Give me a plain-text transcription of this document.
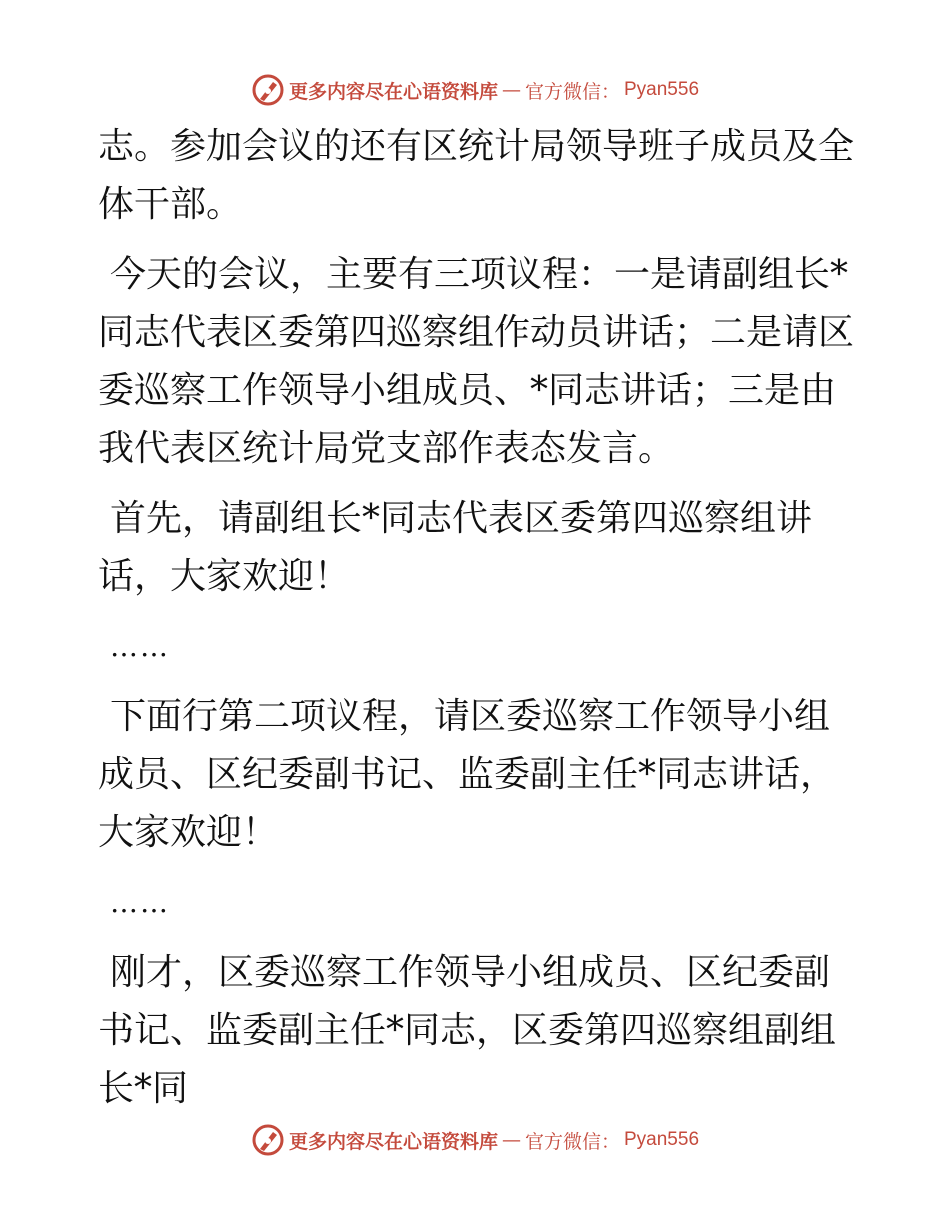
更多内容尽在心语资料库 — 官方微信： Pyan556

志。参加会议的还有区统计局领导班子成员及全体干部。

今天的会议，主要有三项议程：一是请副组长*同志代表区委第四巡察组作动员讲话；二是请区委巡察工作领导小组成员、*同志讲话；三是由我代表区统计局党支部作表态发言。

首先，请副组长*同志代表区委第四巡察组讲话，大家欢迎！

……

下面行第二项议程，请区委巡察工作领导小组成员、区纪委副书记、监委副主任*同志讲话，大家欢迎！

……

刚才，区委巡察工作领导小组成员、区纪委副书记、监委副主任*同志，区委第四巡察组副组长*同

更多内容尽在心语资料库 — 官方微信： Pyan556
